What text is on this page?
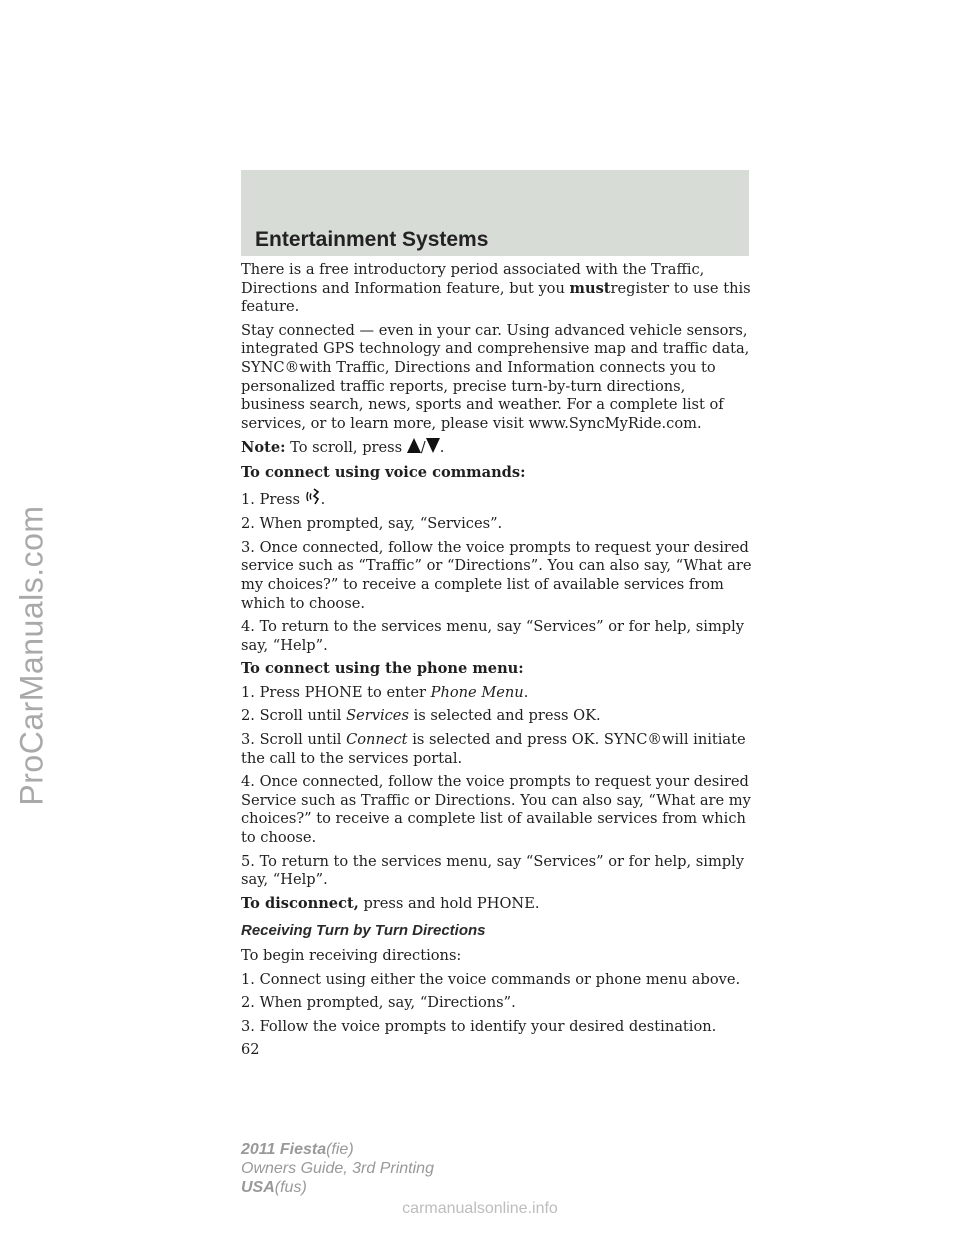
ProCarManuals.com
Entertainment Systems

There is a free introductory period associated with the Traffic, Directions and Information feature, but you mustregister to use this feature.

Stay connected — even in your car. Using advanced vehicle sensors, integrated GPS technology and comprehensive map and traffic data, SYNC®with Traffic, Directions and Information connects you to personalized traffic reports, precise turn-by-turn directions, business search, news, sports and weather. For a complete list of services, or to learn more, please visit www.SyncMyRide.com.

Note: To scroll, press / .

To connect using voice commands:

1. Press .

2. When prompted, say, “Services”.

3. Once connected, follow the voice prompts to request your desired service such as “Traffic” or “Directions”. You can also say, “What are my choices?” to receive a complete list of available services from which to choose.

4. To return to the services menu, say “Services” or for help, simply say, “Help”.

To connect using the phone menu:

1. Press PHONE to enter Phone Menu.

2. Scroll until Services is selected and press OK.

3. Scroll until Connect is selected and press OK. SYNC®will initiate the call to the services portal.

4. Once connected, follow the voice prompts to request your desired Service such as Traffic or Directions. You can also say, “What are my choices?” to receive a complete list of available services from which to choose.

5. To return to the services menu, say “Services” or for help, simply say, “Help”.

To disconnect, press and hold PHONE.

Receiving Turn by Turn Directions

To begin receiving directions:

1. Connect using either the voice commands or phone menu above.

2. When prompted, say, “Directions”.

3. Follow the voice prompts to identify your desired destination.

62
2011 Fiesta(fie)
Owners Guide, 3rd Printing
USA(fus)
carmanualsonline.info
